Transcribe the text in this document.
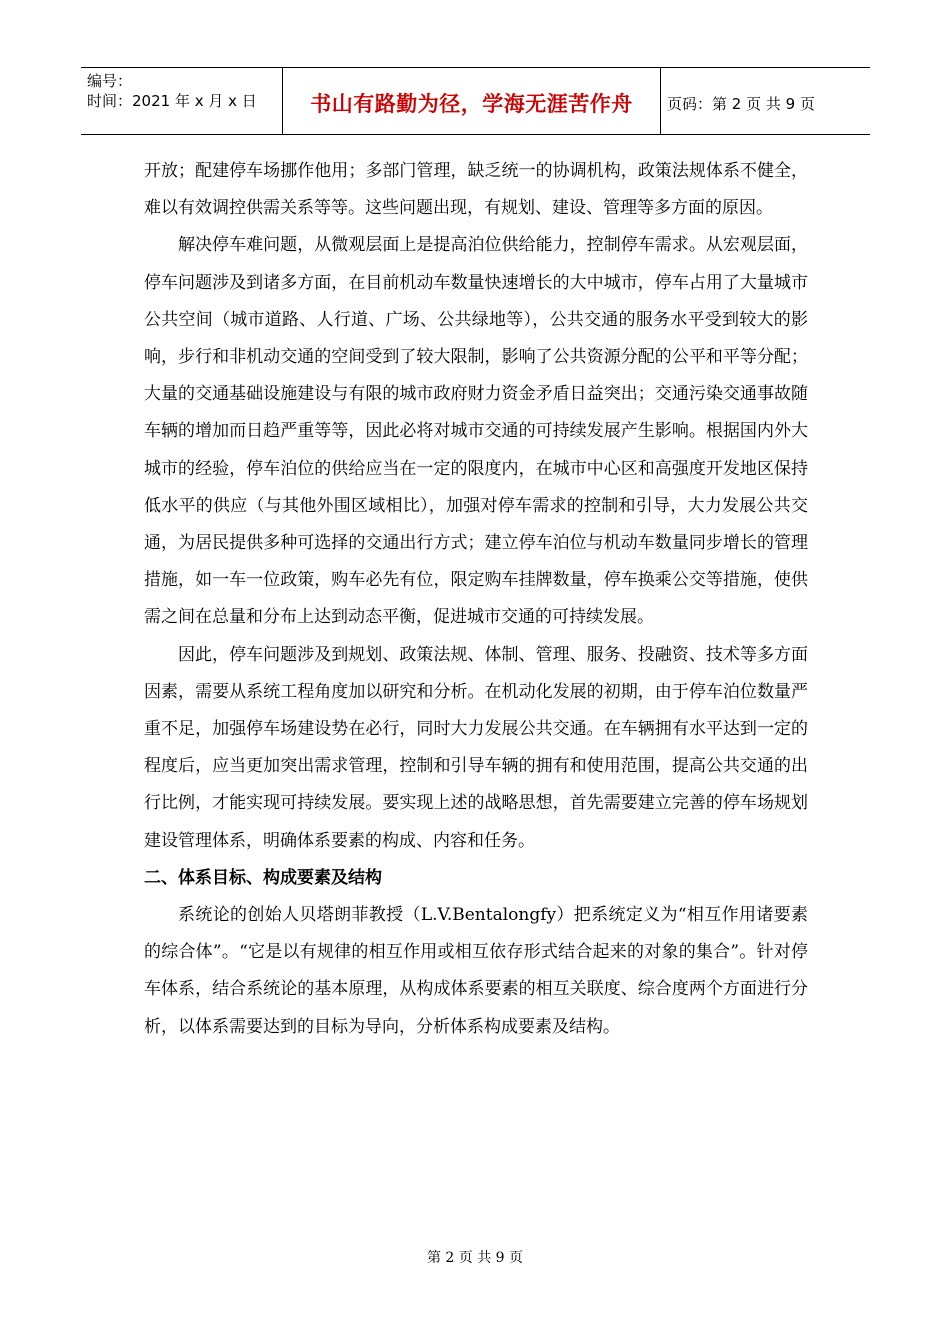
编号：
时间：2021 年 x 月 x 日	书山有路勤为径，学海无涯苦作舟	页码：第 2 页 共 9 页

开放；配建停车场挪作他用；多部门管理，缺乏统一的协调机构，政策法规体系不健全，难以有效调控供需关系等等。这些问题出现，有规划、建设、管理等多方面的原因。

解决停车难问题，从微观层面上是提高泊位供给能力，控制停车需求。从宏观层面，停车问题涉及到诸多方面，在目前机动车数量快速增长的大中城市，停车占用了大量城市公共空间（城市道路、人行道、广场、公共绿地等），公共交通的服务水平受到较大的影响，步行和非机动交通的空间受到了较大限制，影响了公共资源分配的公平和平等分配；大量的交通基础设施建设与有限的城市政府财力资金矛盾日益突出；交通污染交通事故随车辆的增加而日趋严重等等，因此必将对城市交通的可持续发展产生影响。根据国内外大城市的经验，停车泊位的供给应当在一定的限度内，在城市中心区和高强度开发地区保持低水平的供应（与其他外围区域相比），加强对停车需求的控制和引导，大力发展公共交通，为居民提供多种可选择的交通出行方式；建立停车泊位与机动车数量同步增长的管理措施，如一车一位政策，购车必先有位，限定购车挂牌数量，停车换乘公交等措施，使供需之间在总量和分布上达到动态平衡，促进城市交通的可持续发展。

因此，停车问题涉及到规划、政策法规、体制、管理、服务、投融资、技术等多方面因素，需要从系统工程角度加以研究和分析。在机动化发展的初期，由于停车泊位数量严重不足，加强停车场建设势在必行，同时大力发展公共交通。在车辆拥有水平达到一定的程度后，应当更加突出需求管理，控制和引导车辆的拥有和使用范围，提高公共交通的出行比例，才能实现可持续发展。要实现上述的战略思想，首先需要建立完善的停车场规划建设管理体系，明确体系要素的构成、内容和任务。

二、体系目标、构成要素及结构

系统论的创始人贝塔朗菲教授（L.V.Bentalongfy）把系统定义为“相互作用诸要素的综合体”。“它是以有规律的相互作用或相互依存形式结合起来的对象的集合”。针对停车体系，结合系统论的基本原理，从构成体系要素的相互关联度、综合度两个方面进行分析，以体系需要达到的目标为导向，分析体系构成要素及结构。

第 2 页 共 9 页
